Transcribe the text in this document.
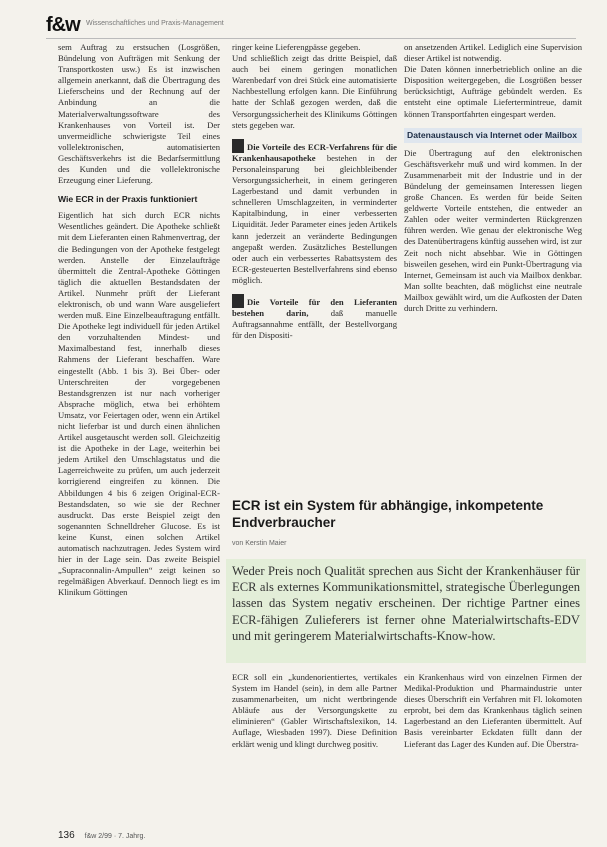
f&w Wissenschaftliches und Praxis-Management

sem Auftrag zu erstsuchen (Losgrößen, Bündelung von Aufträgen mit Senkung der Transportkosten usw.) Es ist inzwischen allgemein anerkannt, daß die Übertragung des Lieferscheins und der Rechnung auf der Anbindung an die Materialverwaltungssoftware des Krankenhauses von Vorteil ist. Der unvermeidliche schwierigste Teil eines vollelektronischen, automatisierten Geschäftsverkehrs ist die Bedarfsermittlung des Kunden und die vollelektronische Erzeugung einer Lieferung.

Wie ECR in der Praxis funktioniert

Eigentlich hat sich durch ECR nichts Wesentliches geändert. Die Apotheke schließt mit dem Lieferanten einen Rahmenvertrag, der die Bedingungen von der Apotheke festgelegt werden. Anstelle der Einzelaufträge übermittelt die Zentral-Apotheke Göttingen täglich die aktuellen Bestandsdaten der Artikel. Nunmehr prüft der Lieferant elektronisch, ob und wann Ware ausgeliefert werden muß. Eine Einzelbeauftragung entfällt. Die Apotheke legt individuell für jeden Artikel den vorzuhaltenden Mindest- und Maximalbestand fest, innerhalb dieses Rahmens der Lieferant beschaffen. Ware eingestellt (Abb. 1 bis 3). Bei Über- oder Unterschreiten der vorgegebenen Bestandsgrenzen ist nur nach vorheriger Absprache möglich, etwa bei erhöhtem Umsatz, vor Feiertagen oder, wenn ein Artikel nicht lieferbar ist und durch einen ähnlichen Artikel ausgetauscht werden soll. Gleichzeitig ist die Apotheke in der Lage, weiterhin bei jedem Artikel den Umschlagstatus und die Lagerreichweite zu prüfen, um auch jederzeit korrigierend eingreifen zu können. Die Abbildungen 4 bis 6 zeigen Original-ECR-Bestandsdaten, so wie sie der Rechner ausdruckt. Das erste Beispiel zeigt den sogenannten Schnelldreher Glucose. Es ist keine Kunst, einen solchen Artikel automatisch nachzutragen. Jedes System wird hier in der Lage sein. Das zweite Beispiel „Supraconnalin-Ampullen“ zeigt keinen so regelmäßigen Abverkauf. Dennoch liegt es im Klinikum Göttingen

ringer keine Lieferengpässe gegeben.

Und schließlich zeigt das dritte Beispiel, daß auch bei einem geringen monatlichen Warenbedarf von drei Stück eine automatisierte Nachbestellung erfolgen kann. Die Einführung hatte der Schlaß gezogen werden, daß die Versorgungssicherheit des Klinikums Göttingen stets gegeben war.

Die Vorteile des ECR-Verfahrens für die Krankenhausapotheke bestehen in der Personaleinsparung bei gleichbleibender Versorgungssicherheit, in einem geringeren Lagerbestand und damit verbunden in schnelleren Umschlagzeiten, in verminderter Kapitalbindung, in einer verbesserten Liquidität. Jeder Parameter eines jeden Artikels kann jederzeit an veränderte Bedingungen angepaßt werden. Zusätzliches Bestellungen oder auch ein verbessertes Rabattsystem des ECR-gesteuerten Bestellverfahrens sind ebenso möglich.

Die Vorteile für den Lieferanten bestehen darin,	daß manuelle Auftragsannahme entfällt, der Bestellvorgang für den Dispositi-

on ansetzenden Artikel. Lediglich eine Supervision dieser Artikel ist notwendig.

Die Daten können innerbetrieblich online an die Disposition weitergegeben, die Losgrößen besser berücksichtigt, Aufträge gebündelt werden. Es entsteht eine optimale Liefertermintreue, damit können Transportfahrten eingespart werden.

Datenaustausch via Internet oder Mailbox

Die Übertragung auf den elektronischen Geschäftsverkehr muß und wird kommen. In der Zusammenarbeit mit der Industrie und in der Bündelung der gemeinsamen Interessen liegen große Chancen. Es werden für beide Seiten geldwerte Vorteile entstehen, die entweder an Zahlen oder weiter verminderten Rückgrenzen führen werden. Wie genau der elektronische Weg des Datenübertragens künftig aussehen wird, ist zur Zeit noch nicht absehbar. Wie in Göttingen bisweilen gesehen, wird ein Punkt-Übertragung via Internet, Gemeinsam ist auch via Mailbox denkbar. Man sollte beachten, daß möglichst eine neutrale Mailbox gewählt wird, um die Aufkosten der Daten durch Dritte zu verhindern.

ECR ist ein System für abhängige, inkompetente Endverbraucher
von Kerstin Maier
Weder Preis noch Qualität sprechen aus Sicht der Krankenhäuser für ECR als externes Kommunikationsmittel, strategische Überlegungen lassen das System negativ erscheinen. Der richtige Partner eines ECR-fähigen Zulieferers ist ferner ohne Materialwirtschafts-EDV und mit geringerem Materialwirtschafts-Know-how.

ECR soll ein „kundenorientiertes, vertikales System im Handel (sein), in dem alle Partner zusammenarbeiten, um nicht wertbringende Abläufe aus der Versorgungskette zu eliminieren“ (Gabler Wirtschaftslexikon, 14. Auflage, Wiesbaden 1997). Diese Definition erklärt wenig und klingt durchweg positiv.

ein Krankenhaus wird von einzelnen Firmen der Medikal-Produktion und Pharmaindustrie unter dieses Überschrift ein Verfahren mit Fl. lokomoten erprobt, bei dem das Krankenhaus täglich seinen Lagerbestand an den Lieferanten übermittelt. Auf Basis vereinbarter Eckdaten füllt dann der Lieferant das Lager des Kunden auf. Die Überstra-

136 f&w 2/99 · 7. Jahrg.
